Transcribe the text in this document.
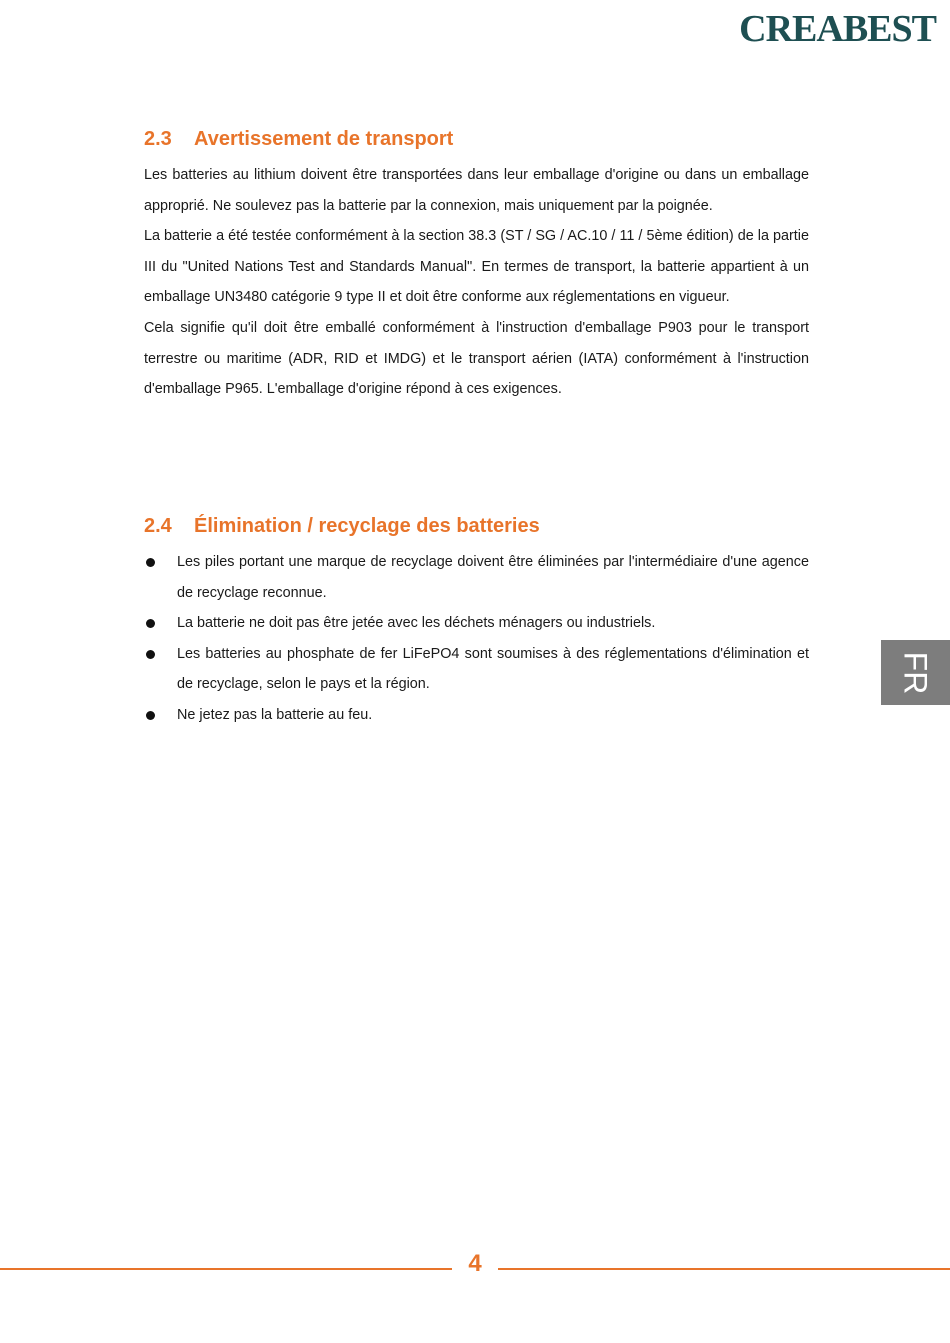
CREABEST
2.3 Avertissement de transport

Les batteries au lithium doivent être transportées dans leur emballage d'origine ou dans un emballage approprié. Ne soulevez pas la batterie par la connexion, mais uniquement par la poignée.

La batterie a été testée conformément à la section 38.3 (ST / SG / AC.10 / 11 / 5ème édition) de la partie III du "United Nations Test and Standards Manual". En termes de transport, la batterie appartient à un emballage UN3480 catégorie 9 type II et doit être conforme aux réglementations en vigueur.

Cela signifie qu'il doit être emballé conformément à l'instruction d'emballage P903 pour le transport terrestre ou maritime (ADR, RID et IMDG) et le transport aérien (IATA) conformément à l'instruction d'emballage P965. L'emballage d'origine répond à ces exigences.

2.4 Élimination / recyclage des batteries
Les piles portant une marque de recyclage doivent être éliminées par l'intermédiaire d'une agence de recyclage reconnue.
La batterie ne doit pas être jetée avec les déchets ménagers ou industriels.
Les batteries au phosphate de fer LiFePO4 sont soumises à des réglementations d'élimination et de recyclage, selon le pays et la région.
Ne jetez pas la batterie au feu.
FR
4
